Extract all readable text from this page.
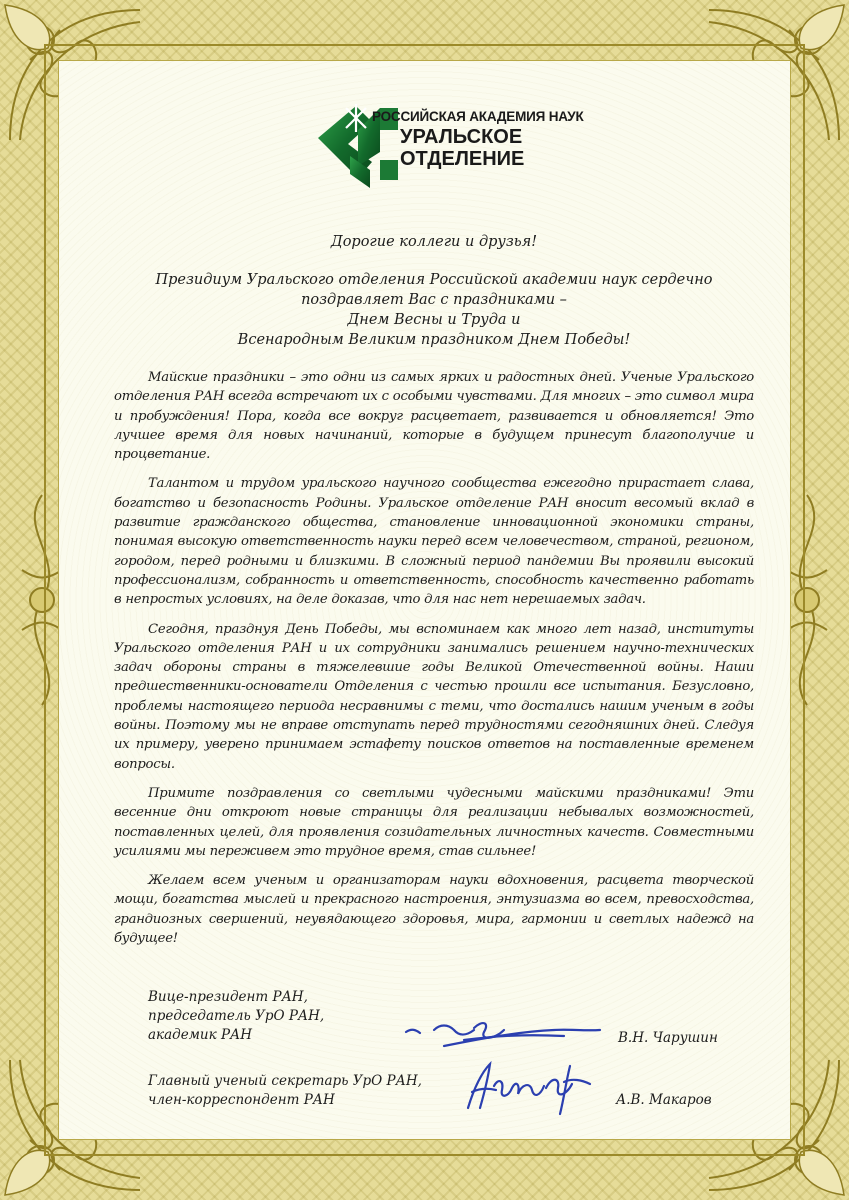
РОССИЙСКАЯ АКАДЕМИЯ НАУК
УРАЛЬСКОЕ
ОТДЕЛЕНИЕ

Дорогие коллеги и друзья!

Президиум Уральского отделения Российской академии наук сердечно
поздравляет Вас с праздниками –
Днем Весны и Труда и
Всенародным Великим праздником Днем Победы!

Майские праздники – это одни из самых ярких и радостных дней. Ученые Уральского отделения РАН всегда встречают их с особыми чувствами. Для многих – это символ мира и пробуждения! Пора, когда все вокруг расцветает, развивается и обновляется! Это лучшее время для новых начинаний, которые в будущем принесут благополучие и процветание.

Талантом и трудом уральского научного сообщества ежегодно прирастает слава, богатство и безопасность Родины. Уральское отделение РАН вносит весомый вклад в развитие гражданского общества, становление инновационной экономики страны, понимая высокую ответственность науки перед всем человечеством, страной, регионом, городом, перед родными и близкими. В сложный период пандемии Вы проявили высокий профессионализм, собранность и ответственность, способность качественно работать в непростых условиях, на деле доказав, что для нас нет нерешаемых задач.

Сегодня, празднуя День Победы, мы вспоминаем как много лет назад, институты Уральского отделения РАН и их сотрудники занимались решением научно-технических задач обороны страны в тяжелевшие годы Великой Отечественной войны. Наши предшественники-основатели Отделения с честью прошли все испытания. Безусловно, проблемы настоящего периода несравнимы с теми, что достались нашим ученым в годы войны. Поэтому мы не вправе отступать перед трудностями сегодняшних дней. Следуя их примеру, уверено принимаем эстафету поисков ответов на поставленные временем вопросы.

Примите поздравления со светлыми чудесными майскими праздниками! Эти весенние дни откроют новые страницы для реализации небывалых возможностей, поставленных целей, для проявления созидательных личностных качеств. Совместными усилиями мы переживем это трудное время, став сильнее!

Желаем всем ученым и организаторам науки вдохновения, расцвета творческой мощи, богатства мыслей и прекрасного настроения, энтузиазма во всем, превосходства, грандиозных свершений, неувядающего здоровья, мира, гармонии и светлых надежд на будущее!

Вице-президент РАН,
председатель УрО РАН,
академик РАН	В.Н. Чарушин
Главный ученый секретарь УрО РАН,
член-корреспондент РАН	А.В. Макаров
